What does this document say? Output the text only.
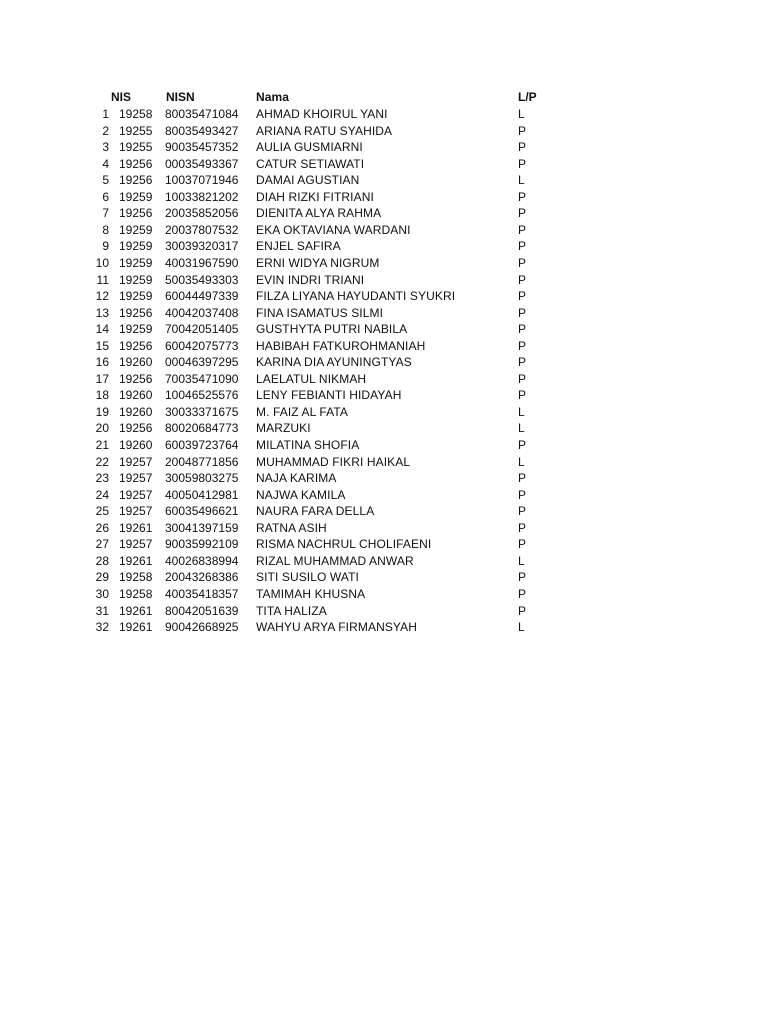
NIS	NISN	Nama	L/P
1 19258 80035471084 AHMAD KHOIRUL YANI	L
2 19255 80035493427 ARIANA RATU SYAHIDA	P
3 19255 90035457352 AULIA GUSMIARNI	P
4 19256 00035493367 CATUR SETIAWATI	P
5 19256 10037071946 DAMAI AGUSTIAN	L
6 19259 10033821202 DIAH RIZKI FITRIANI	P
7 19256 20035852056 DIENITA ALYA RAHMA	P
8 19259 20037807532 EKA OKTAVIANA WARDANI	P
9 19259 30039320317 ENJEL SAFIRA	P
10 19259 40031967590 ERNI WIDYA NIGRUM	P
11 19259 50035493303 EVIN INDRI TRIANI	P
12 19259 60044497339 FILZA LIYANA HAYUDANTI SYUKRI	P
13 19256 40042037408 FINA ISAMATUS SILMI	P
14 19259 70042051405 GUSTHYTA PUTRI NABILA	P
15 19256 60042075773 HABIBAH FATKUROHMANIAH	P
16 19260 00046397295 KARINA DIA AYUNINGTYAS	P
17 19256 70035471090 LAELATUL NIKMAH	P
18 19260 10046525576 LENY FEBIANTI HIDAYAH	P
19 19260 30033371675 M. FAIZ AL FATA	L
20 19256 80020684773 MARZUKI	L
21 19260 60039723764 MILATINA SHOFIA	P
22 19257 20048771856 MUHAMMAD FIKRI HAIKAL	L
23 19257 30059803275 NAJA KARIMA	P
24 19257 40050412981 NAJWA KAMILA	P
25 19257 60035496621 NAURA FARA DELLA	P
26 19261 30041397159 RATNA ASIH	P
27 19257 90035992109 RISMA NACHRUL CHOLIFAENI	P
28 19261 40026838994 RIZAL MUHAMMAD ANWAR	L
29 19258 20043268386 SITI SUSILO WATI	P
30 19258 40035418357 TAMIMAH KHUSNA	P
31 19261 80042051639 TITA HALIZA	P
32 19261 90042668925 WAHYU ARYA FIRMANSYAH	L
